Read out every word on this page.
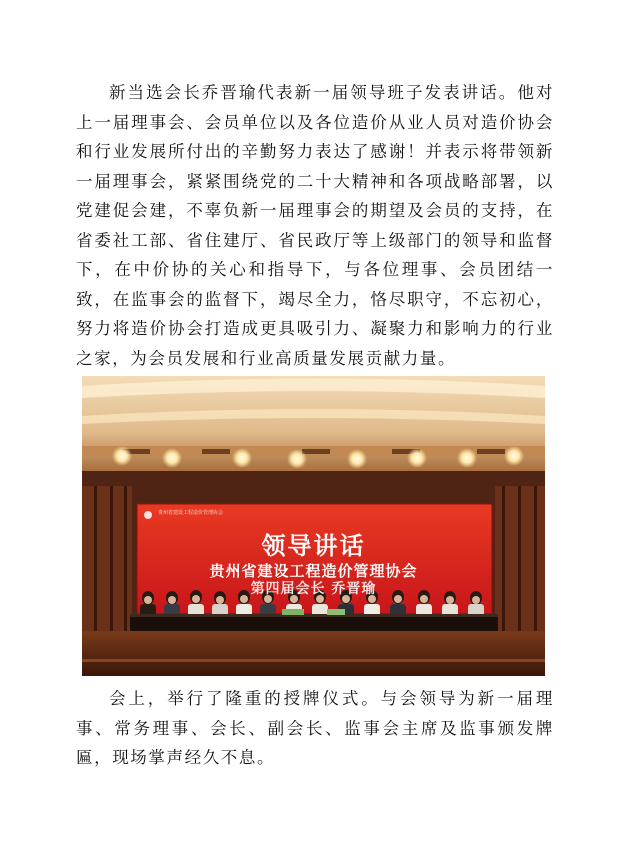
新当选会长乔晋瑜代表新一届领导班子发表讲话。他对上一届理事会、会员单位以及各位造价从业人员对造价协会和行业发展所付出的辛勤努力表达了感谢！并表示将带领新一届理事会，紧紧围绕党的二十大精神和各项战略部署，以党建促会建，不辜负新一届理事会的期望及会员的支持，在省委社工部、省住建厅、省民政厅等上级部门的领导和监督下，在中价协的关心和指导下，与各位理事、会员团结一致，在监事会的监督下，竭尽全力，恪尽职守，不忘初心，努力将造价协会打造成更具吸引力、凝聚力和影响力的行业之家，为会员发展和行业高质量发展贡献力量。

贵州省建设工程造价管理协会
领导讲话
贵州省建设工程造价管理协会
第四届会长 乔晋瑜

会上，举行了隆重的授牌仪式。与会领导为新一届理事、常务理事、会长、副会长、监事会主席及监事颁发牌匾，现场掌声经久不息。
